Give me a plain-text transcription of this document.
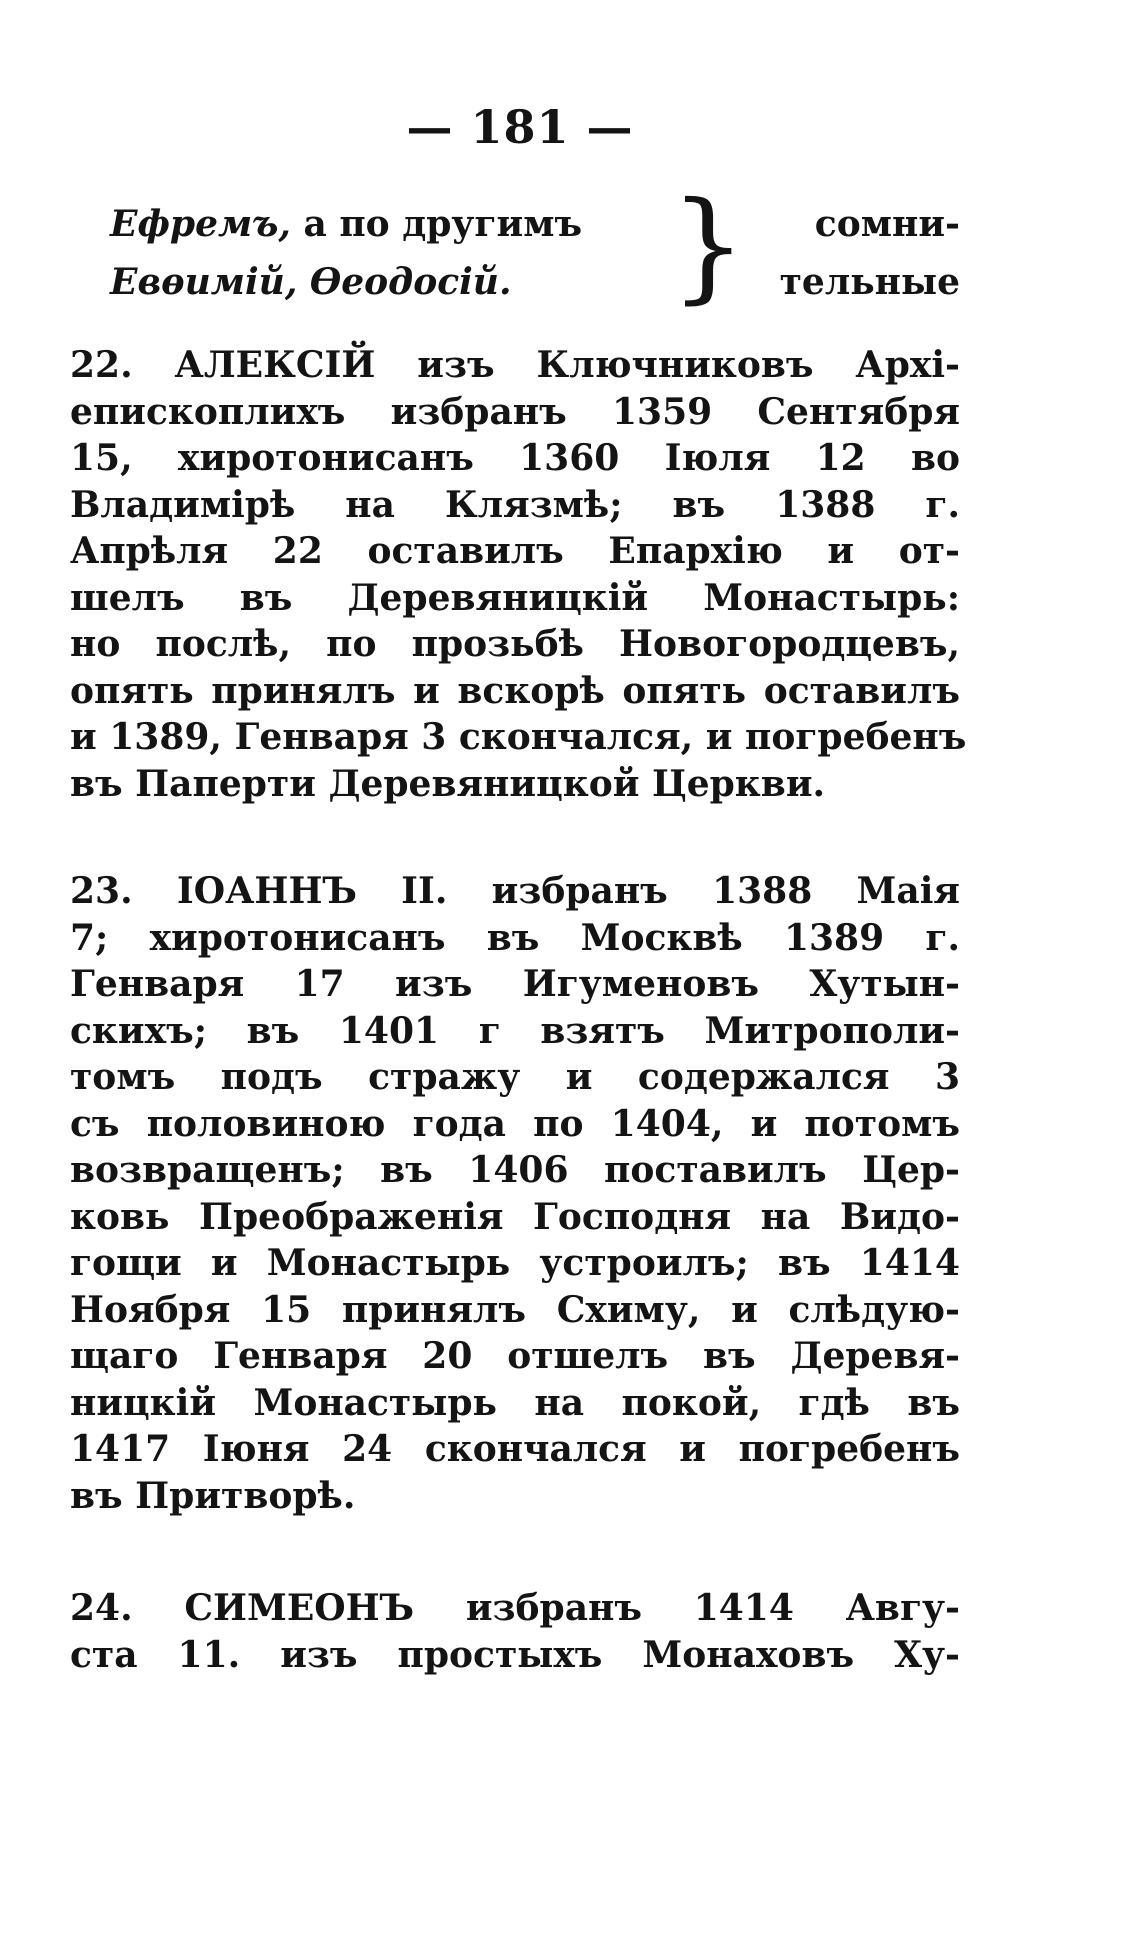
— 181 —
Ефремъ, а по другимъ
Евѳимій, Ѳеодосій.	}	сомни-
тельные
22. АЛЕКСІЙ изъ Ключниковъ Архі-
епископлихъ избранъ 1359 Сентября
15, хиротонисанъ 1360 Іюля 12 во
Владимірѣ на Клязмѣ; въ 1388 г.
Апрѣля 22 оставилъ Епархію и от-
шелъ въ Деревяницкій Монастырь:
но послѣ, по прозьбѣ Новогородцевъ,
опять принялъ и вскорѣ опять оставилъ
и 1389, Генваря 3 скончался, и погребенъ
въ Паперти Деревяницкой Церкви.
23. ІОАННЪ II. избранъ 1388 Маія
7; хиротонисанъ въ Москвѣ 1389 г.
Генваря 17 изъ Игуменовъ Хутын-
скихъ; въ 1401 г взятъ Митрополи-
томъ подъ стражу и содержался 3
съ половиною года по 1404, и потомъ
возвращенъ; въ 1406 поставилъ Цер-
ковь Преображенія Господня на Видо-
гощи и Монастырь устроилъ; въ 1414
Ноября 15 принялъ Схиму, и слѣдую-
щаго Генваря 20 отшелъ въ Деревя-
ницкій Монастырь на покой, гдѣ въ
1417 Іюня 24 скончался и погребенъ
въ Притворѣ.
24. СИМЕОНЪ избранъ 1414 Авгу-
ста 11. изъ простыхъ Монаховъ Ху-
